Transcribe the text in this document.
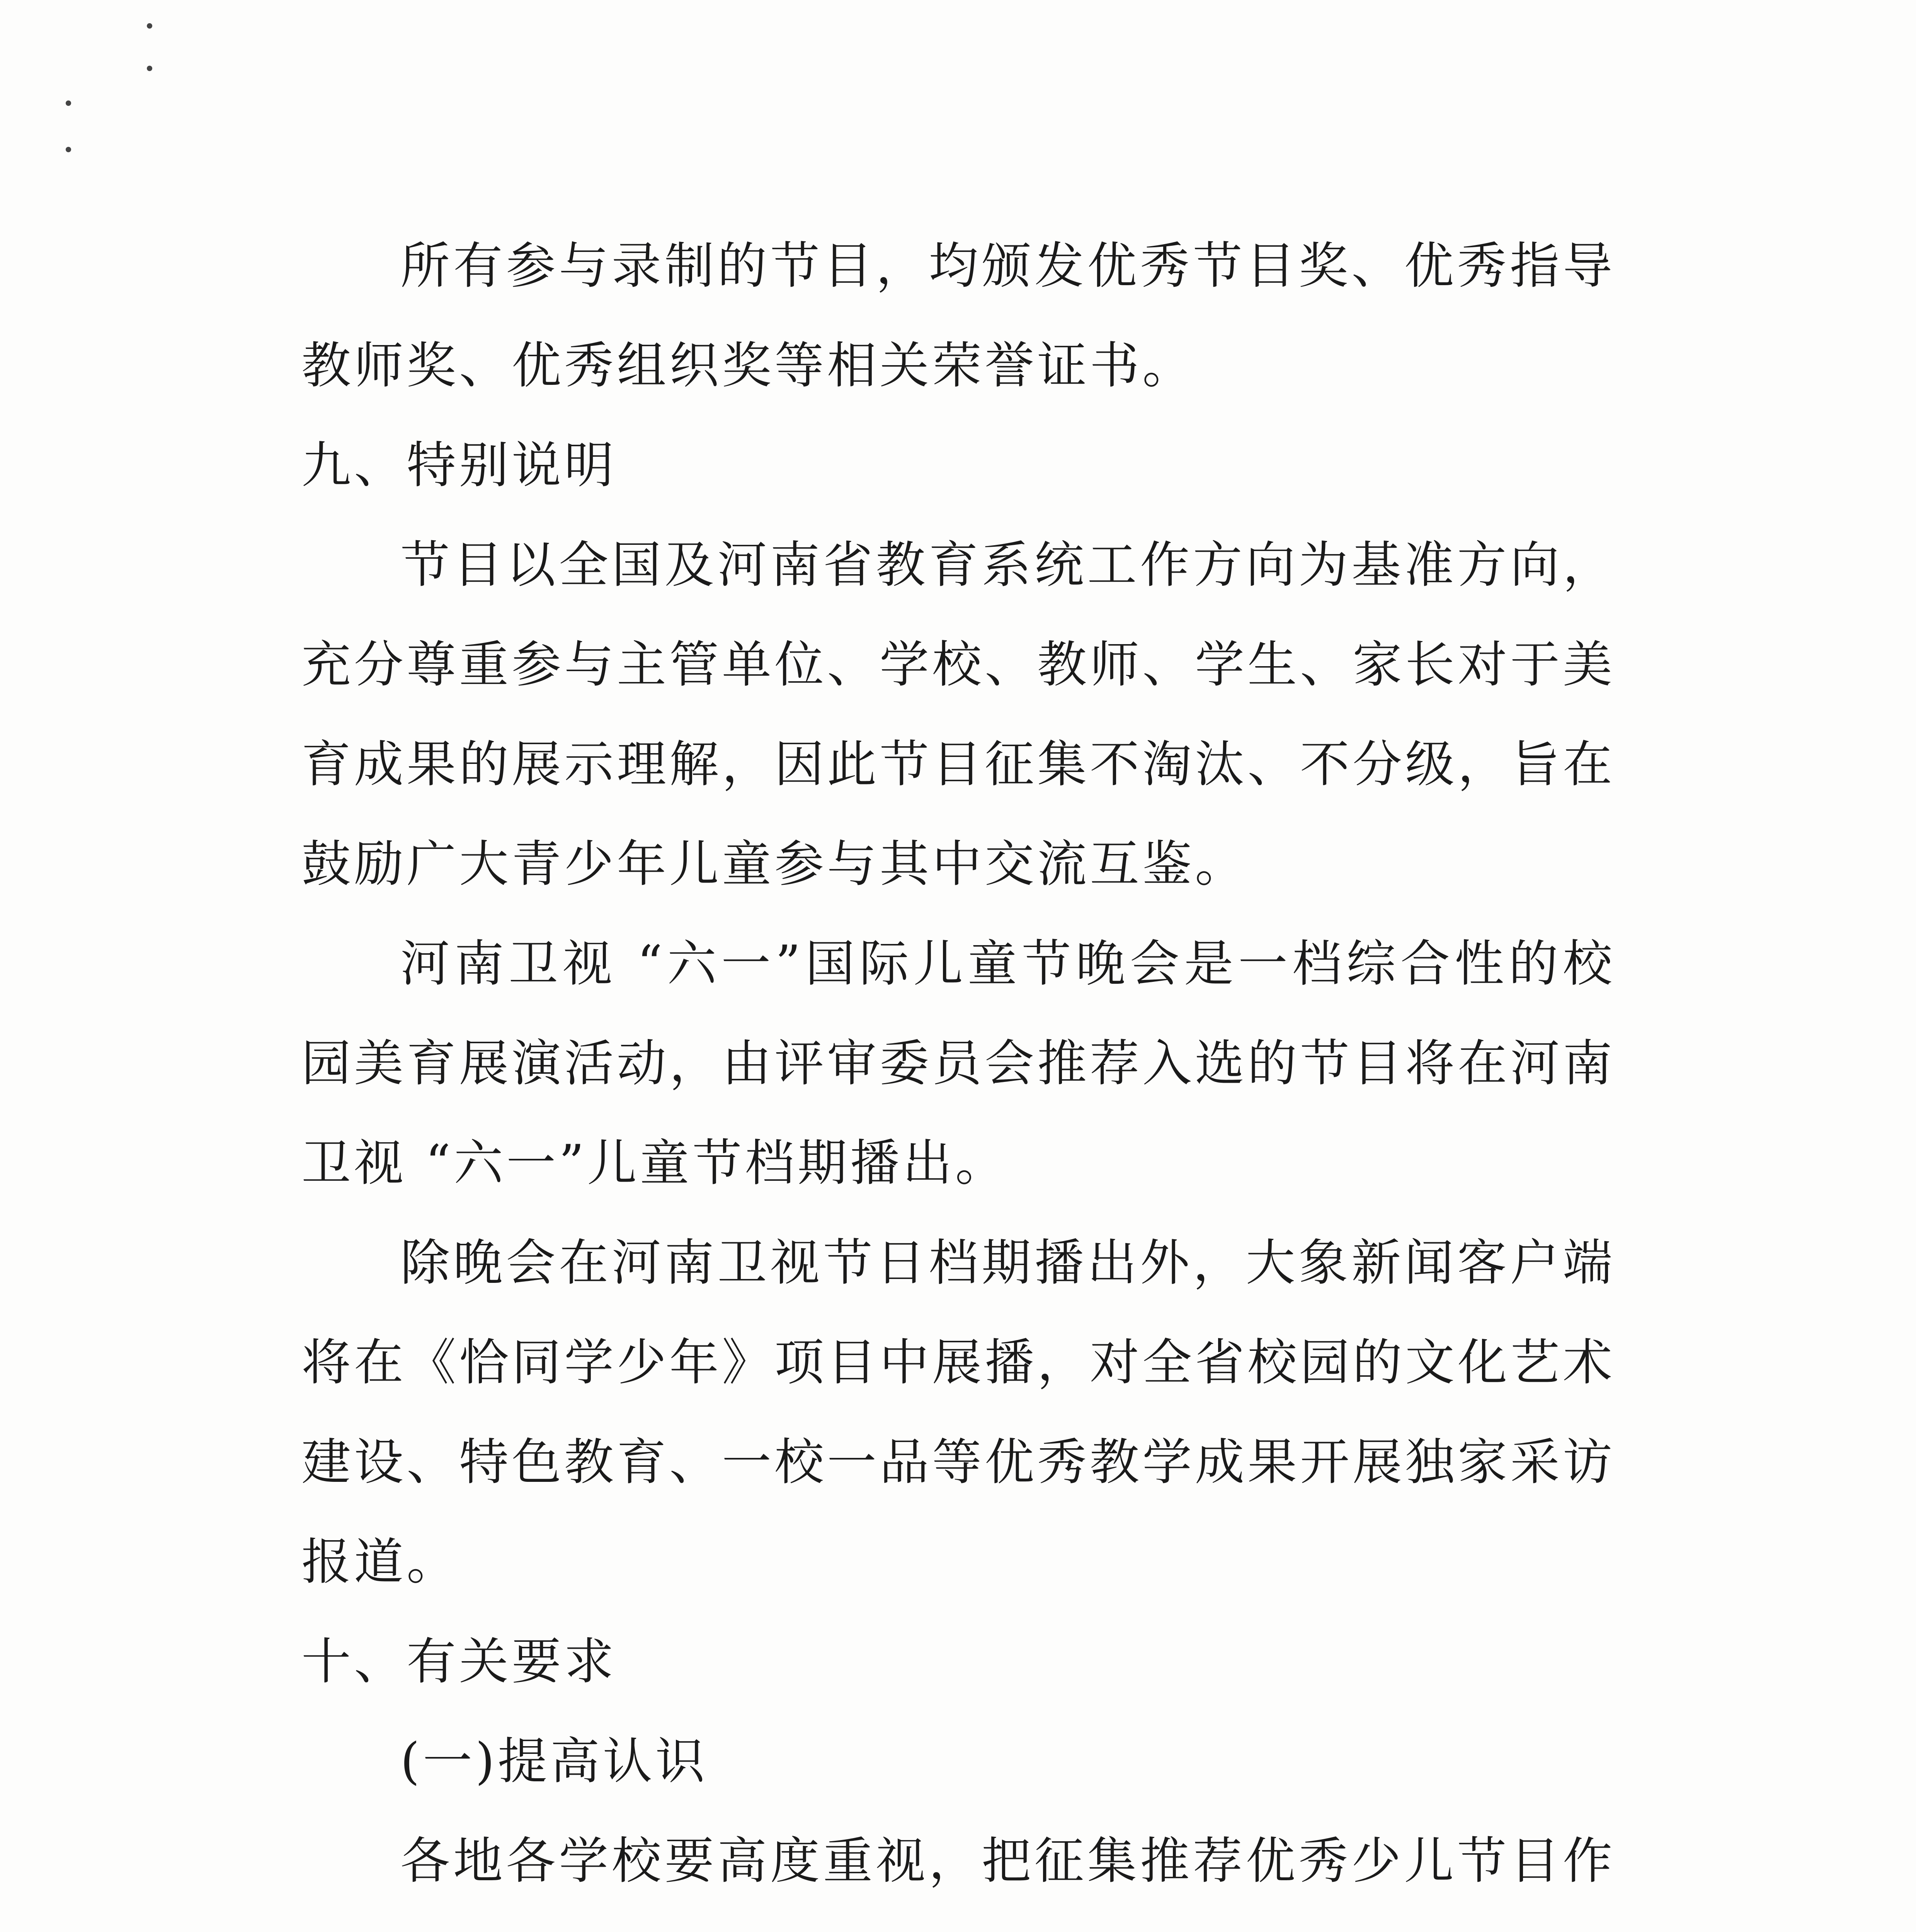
所有参与录制的节目，均颁发优秀节目奖、优秀指导教师奖、优秀组织奖等相关荣誉证书。

九、特别说明

节目以全国及河南省教育系统工作方向为基准方向，充分尊重参与主管单位、学校、教师、学生、家长对于美育成果的展示理解，因此节目征集不淘汰、不分级，旨在鼓励广大青少年儿童参与其中交流互鉴。

河南卫视 “六一”国际儿童节晚会是一档综合性的校园美育展演活动，由评审委员会推荐入选的节目将在河南卫视 “六一”儿童节档期播出。

除晚会在河南卫视节日档期播出外，大象新闻客户端将在《恰同学少年》项目中展播，对全省校园的文化艺术建设、特色教育、一校一品等优秀教学成果开展独家采访报道。

十、有关要求

(一)提高认识

各地各学校要高度重视，把征集推荐优秀少儿节目作
